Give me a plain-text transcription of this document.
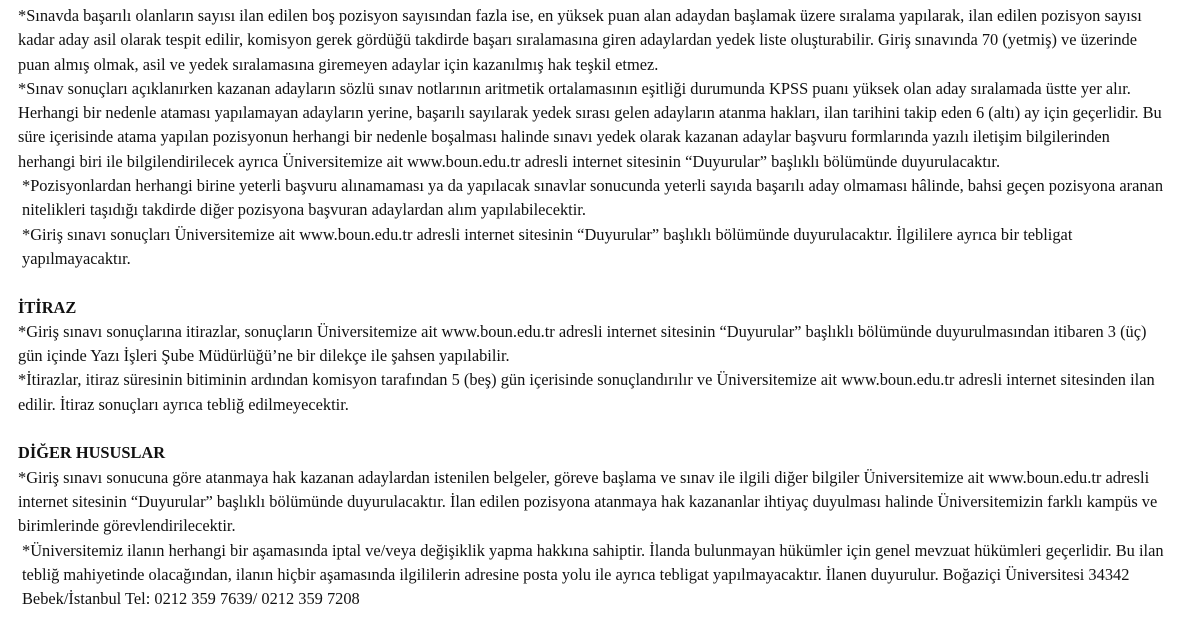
*Sınavda başarılı olanların sayısı ilan edilen boş pozisyon sayısından fazla ise, en yüksek puan alan adaydan başlamak üzere sıralama yapılarak, ilan edilen pozisyon sayısı kadar aday asil olarak tespit edilir, komisyon gerek gördüğü takdirde başarı sıralamasına giren adaylardan yedek liste oluşturabilir. Giriş sınavında 70 (yetmiş) ve üzerinde puan almış olmak, asil ve yedek sıralamasına giremeyen adaylar için kazanılmış hak teşkil etmez.

*Sınav sonuçları açıklanırken kazanan adayların sözlü sınav notlarının aritmetik ortalamasının eşitliği durumunda KPSS puanı yüksek olan aday sıralamada üstte yer alır. Herhangi bir nedenle ataması yapılamayan adayların yerine, başarılı sayılarak yedek sırası gelen adayların atanma hakları, ilan tarihini takip eden 6 (altı) ay için geçerlidir. Bu süre içerisinde atama yapılan pozisyonun herhangi bir nedenle boşalması halinde sınavı yedek olarak kazanan adaylar başvuru formlarında yazılı iletişim bilgilerinden herhangi biri ile bilgilendirilecek ayrıca Üniversitemize ait www.boun.edu.tr adresli internet sitesinin “Duyurular” başlıklı bölümünde duyurulacaktır.

*Pozisyonlardan herhangi birine yeterli başvuru alınamaması ya da yapılacak sınavlar sonucunda yeterli sayıda başarılı aday olmaması hâlinde, bahsi geçen pozisyona aranan nitelikleri taşıdığı takdirde diğer pozisyona başvuran adaylardan alım yapılabilecektir.

*Giriş sınavı sonuçları Üniversitemize ait www.boun.edu.tr adresli internet sitesinin “Duyurular” başlıklı bölümünde duyurulacaktır. İlgililere ayrıca bir tebligat yapılmayacaktır.

İTİRAZ

*Giriş sınavı sonuçlarına itirazlar, sonuçların Üniversitemize ait www.boun.edu.tr adresli internet sitesinin “Duyurular” başlıklı bölümünde duyurulmasından itibaren 3 (üç) gün içinde Yazı İşleri Şube Müdürlüğü’ne bir dilekçe ile şahsen yapılabilir.

*İtirazlar, itiraz süresinin bitiminin ardından komisyon tarafından 5 (beş) gün içerisinde sonuçlandırılır ve Üniversitemize ait www.boun.edu.tr adresli internet sitesinden ilan edilir. İtiraz sonuçları ayrıca tebliğ edilmeyecektir.

DİĞER HUSUSLAR

*Giriş sınavı sonucuna göre atanmaya hak kazanan adaylardan istenilen belgeler, göreve başlama ve sınav ile ilgili diğer bilgiler Üniversitemize ait www.boun.edu.tr adresli internet sitesinin “Duyurular” başlıklı bölümünde duyurulacaktır. İlan edilen pozisyona atanmaya hak kazananlar ihtiyaç duyulması halinde Üniversitemizin farklı kampüs ve birimlerinde görevlendirilecektir.

*Üniversitemiz ilanın herhangi bir aşamasında iptal ve/veya değişiklik yapma hakkına sahiptir. İlanda bulunmayan hükümler için genel mevzuat hükümleri geçerlidir. Bu ilan tebliğ mahiyetinde olacağından, ilanın hiçbir aşamasında ilgililerin adresine posta yolu ile ayrıca tebligat yapılmayacaktır. İlanen duyurulur. Boğaziçi Üniversitesi 34342 Bebek/İstanbul Tel: 0212 359 7639/ 0212 359 7208
